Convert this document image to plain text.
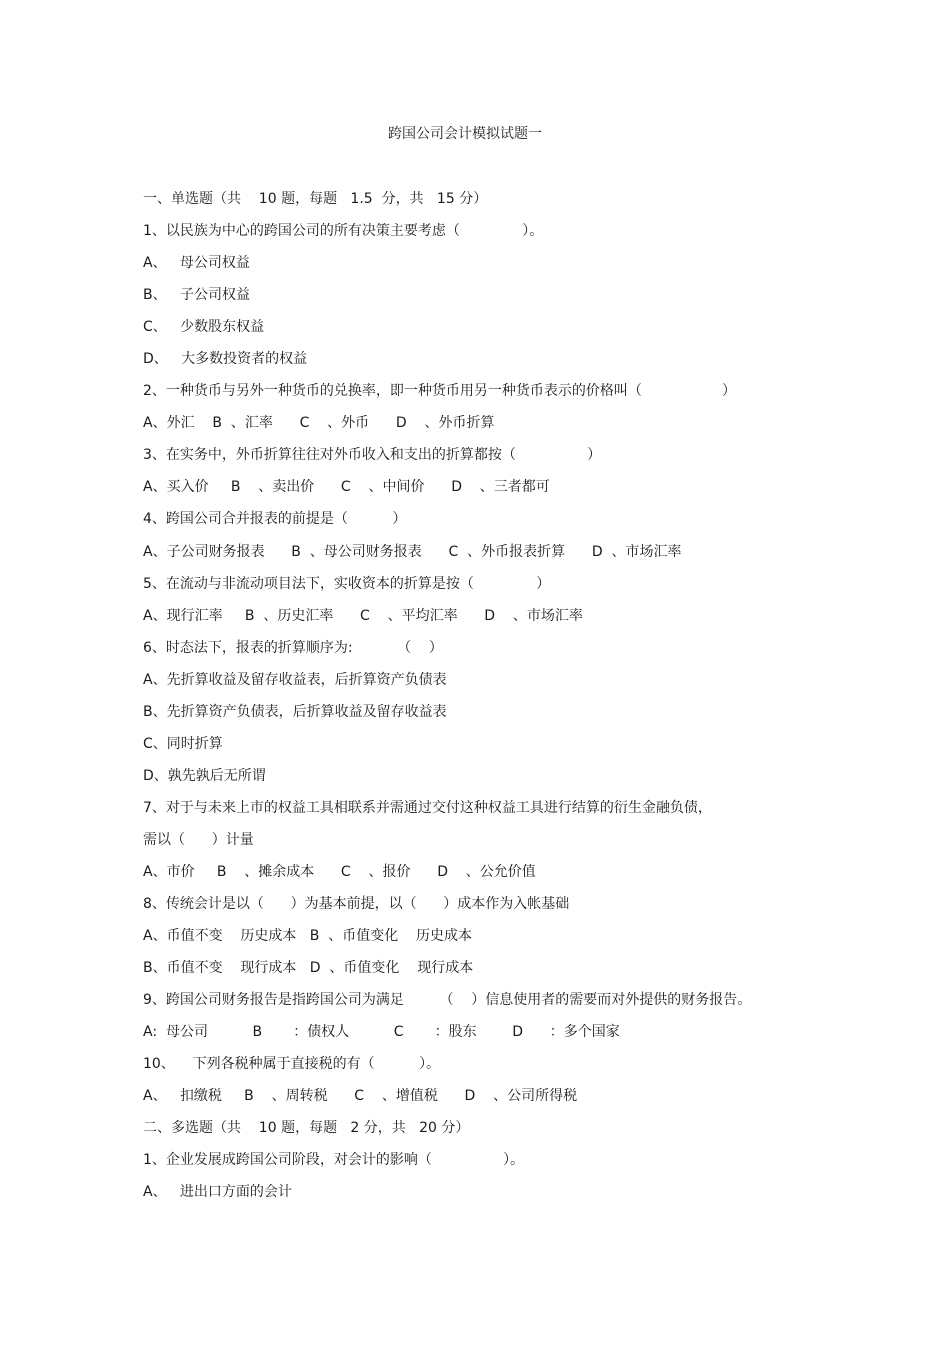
跨国公司会计模拟试题一
一、单选题（共    10 题，每题   1.5  分，共   15 分）
1、以民族为中心的跨国公司的所有决策主要考虑（              ）。
A、   母公司权益
B、   子公司权益
C、   少数股东权益
D、   大多数投资者的权益
2、一种货币与另外一种货币的兑换率，即一种货币用另一种货币表示的价格叫（                  ）
A、外汇    B  、汇率      C    、外币      D    、外币折算
3、在实务中，外币折算往往对外币收入和支出的折算都按（                ）
A、买入价     B    、卖出价      C    、中间价      D    、三者都可
4、跨国公司合并报表的前提是（          ）
A、子公司财务报表      B  、母公司财务报表      C  、外币报表折算      D  、市场汇率
5、在流动与非流动项目法下，实收资本的折算是按（              ）
A、现行汇率     B  、历史汇率      C    、平均汇率      D    、市场汇率
6、时态法下，报表的折算顺序为:          （    ）
A、先折算收益及留存收益表，后折算资产负债表
B、先折算资产负债表，后折算收益及留存收益表
C、同时折算
D、孰先孰后无所谓
7、对于与未来上市的权益工具相联系并需通过交付这种权益工具进行结算的衍生金融负债，
需以（      ）计量
A、市价     B    、摊余成本      C    、报价      D    、公允价值
8、传统会计是以（      ）为基本前提，以（      ）成本作为入帐基础
A、币值不变    历史成本   B  、币值变化    历史成本
B、币值不变    现行成本   D  、币值变化    现行成本
9、跨国公司财务报告是指跨国公司为满足        （    ）信息使用者的需要而对外提供的财务报告。
A:  母公司          B       ：债权人          C       ：股东        D      ：多个国家
10、    下列各税种属于直接税的有（          ）。
A、   扣缴税     B    、周转税      C    、增值税      D    、公司所得税
二、多选题（共    10 题，每题   2 分，共   20 分）
1、企业发展成跨国公司阶段，对会计的影响（                ）。
A、   进出口方面的会计
